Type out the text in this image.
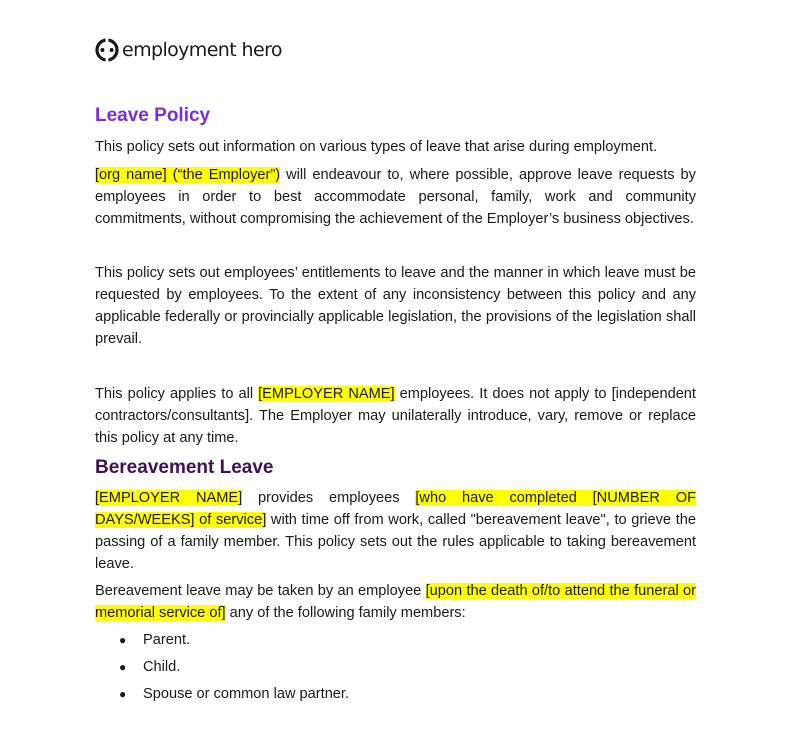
employment hero
Leave Policy

This policy sets out information on various types of leave that arise during employment.

[org name] (“the Employer”) will endeavour to, where possible, approve leave requests by employees in order to best accommodate personal, family, work and community commitments, without compromising the achievement of the Employer’s business objectives.

This policy sets out employees’ entitlements to leave and the manner in which leave must be requested by employees. To the extent of any inconsistency between this policy and any applicable federally or provincially applicable legislation, the provisions of the legislation shall prevail.

This policy applies to all [EMPLOYER NAME] employees. It does not apply to [independent contractors/consultants]. The Employer may unilaterally introduce, vary, remove or replace this policy at any time.

Bereavement Leave

[EMPLOYER NAME] provides employees [who have completed [NUMBER OF DAYS/WEEKS] of service] with time off from work, called "bereavement leave", to grieve the passing of a family member. This policy sets out the rules applicable to taking bereavement leave.

Bereavement leave may be taken by an employee [upon the death of/to attend the funeral or memorial service of] any of the following family members:

● Parent.
● Child.
● Spouse or common law partner.
